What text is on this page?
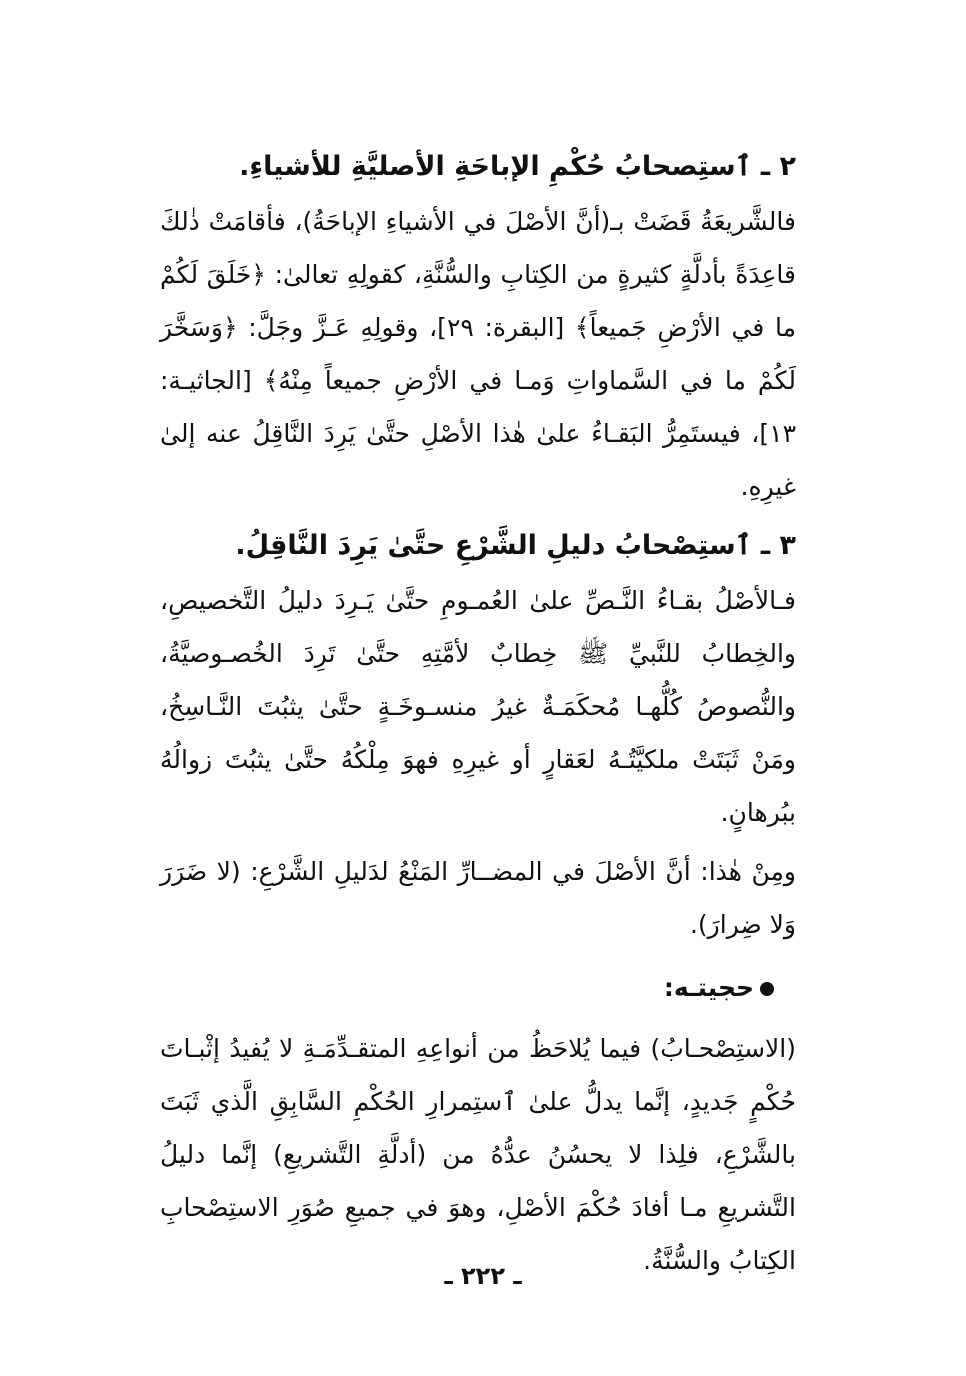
٢ ـ ٱستِصحابُ حُكْمِ الإباحَةِ الأصليَّةِ للأشياءِ.

فالشَّريعَةُ قَضَتْ بـ(أنَّ الأصْلَ في الأشياءِ الإباحَةُ)، فأقامَتْ ذٰلكَ قاعِدَةً بأدلَّةٍ كثيرةٍ من الكِتابِ والسُّنَّةِ، كقولِهِ تعالىٰ: ﴿خَلَقَ لَكُمْ ما في الأرْضِ جَميعاً﴾ [البقرة: ٢٩]، وقولِهِ عَـزَّ وجَلَّ: ﴿وَسَخَّرَ لَكُمْ ما في السَّماواتِ وَمـا في الأرْضِ جميعاً مِنْهُ﴾ [الجاثيـة: ١٣]، فيستَمِرُّ البَقـاءُ علىٰ هٰذا الأصْلِ حتَّىٰ يَرِدَ النَّاقِلُ عنه إلىٰ غيرِهِ.

٣ ـ ٱستِصْحابُ دليلِ الشَّرْعِ حتَّىٰ يَرِدَ النَّاقِلُ.

فـالأصْلُ بقـاءُ النَّـصِّ علىٰ العُمـومِ حتَّىٰ يَـرِدَ دليلُ التَّخصيصِ، والخِطابُ للنَّبيِّ ﷺ خِطابٌ لأمَّتِهِ حتَّىٰ تَرِدَ الخُصـوصيَّةُ، والنُّصوصُ كُلُّهـا مُحكَمَـةٌ غيرُ منسـوخَـةٍ حتَّىٰ يثبُتَ النَّـاسِخُ، ومَنْ ثَبَتَتْ ملكيَّتُـهُ لعَقارٍ أو غيرِهِ فهوَ مِلْكُهُ حتَّىٰ يثبُتَ زوالُهُ ببُرهانٍ.

ومِنْ هٰذا: أنَّ الأصْلَ في المضــارِّ المَنْعُ لدَليلِ الشَّرْعِ: (لا ضَرَرَ وَلا ضِرارَ).

حجيتـه:

(الاستِصْحـابُ) فيما يُلاحَظُ من أنواعِهِ المتقـدِّمَـةِ لا يُفيدُ إثْبـاتَ حُكْمٍ جَديدٍ، إنَّما يدلُّ علىٰ ٱستِمرارِ الحُكْمِ السَّابِقِ الَّذي ثَبَتَ بالشَّرْعِ، فلِذا لا يحسُنُ عدُّهُ من (أدلَّةِ التَّشريعِ) إنَّما دليلُ التَّشريعِ مـا أفادَ حُكْمَ الأصْلِ، وهوَ في جميعِ صُوَرِ الاستِصْحابِ الكِتابُ والسُّنَّةُ.

ـ ٢٢٢ ـ
